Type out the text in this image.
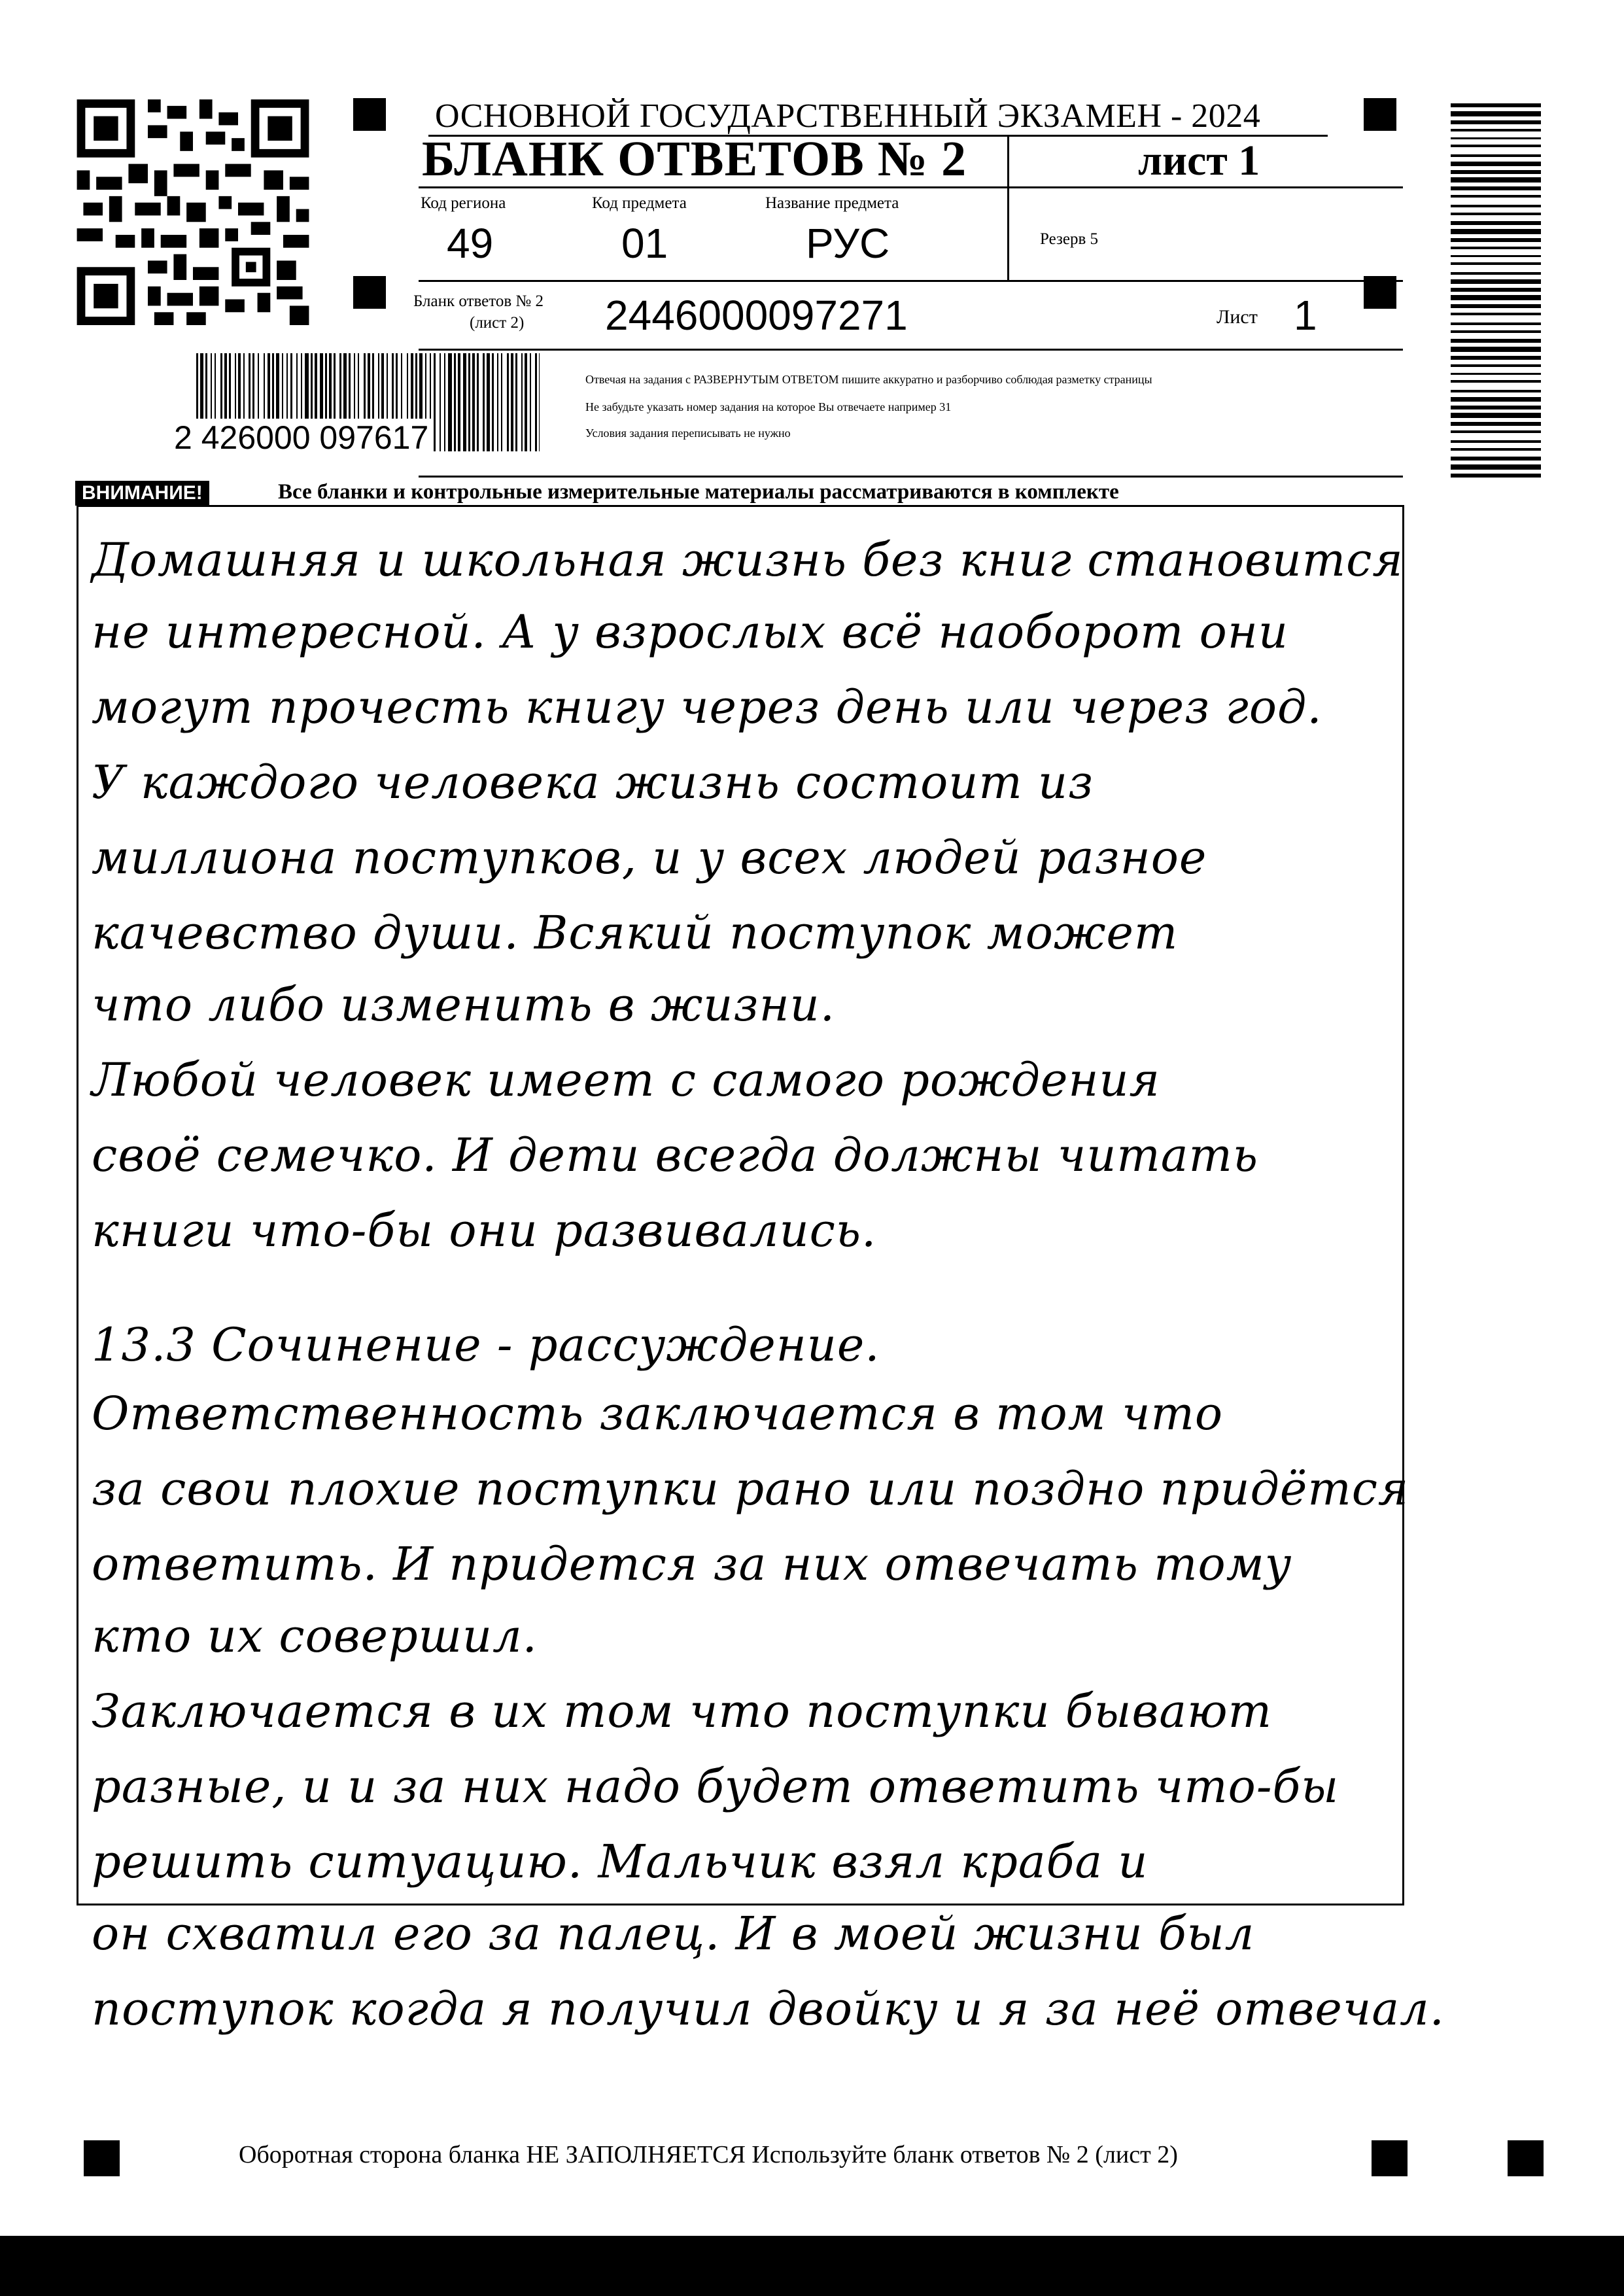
ОСНОВНОЙ ГОСУДАРСТВЕННЫЙ ЭКЗАМЕН - 2024
БЛАНК ОТВЕТОВ № 2	лист 1
Код региона
49
Код предмета
01
Название предмета
РУС	Резерв 5
Бланк ответов № 2
(лист 2) 2446000097271	Лист 1
Отвечая на задания с РАЗВЕРНУТЫМ ОТВЕТОМ пишите аккуратно и разборчиво соблюдая разметку страницы
Не забудьте указать номер задания на которое Вы отвечаете например 31
Условия задания переписывать не нужно
2 426000 097617
ВНИМАНИЕ!	Все бланки и контрольные измерительные материалы рассматриваются в комплекте
Домашняя и школьная жизнь без книг становится
не интересной. А у взрослых всё наоборот они
могут прочесть книгу через день или через год.
У каждого человека жизнь состоит из
миллиона поступков, и у всех людей разное
качевство души. Всякий поступок может
что либо изменить в жизни.
Любой человек имеет с самого рождения
своё семечко. И дети всегда должны читать
книги что-бы они развивались.
13.3 Сочинение - рассуждение.
Ответственность заключается в том что
за свои плохие поступки рано или поздно придётся
ответить. И придется за них отвечать тому
кто их совершил.
Заключается в их том что поступки бывают
разные, и и за них надо будет ответить что-бы
решить ситуацию. Мальчик взял краба и
он схватил его за палец. И в моей жизни был
поступок когда я получил двойку и я за неё отвечал.
Оборотная сторона бланка НЕ ЗАПОЛНЯЕТСЯ Используйте бланк ответов № 2 (лист 2)
